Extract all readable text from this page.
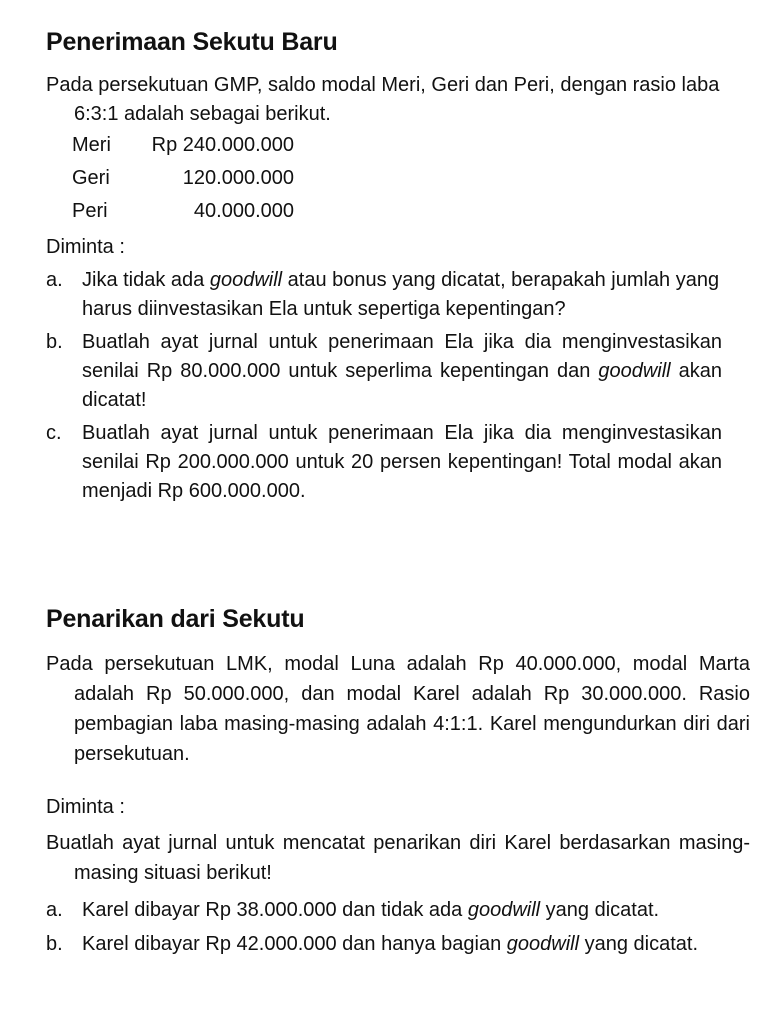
Penerimaan Sekutu Baru

Pada persekutuan GMP, saldo modal Meri, Geri dan Peri, dengan rasio laba 6:3:1 adalah sebagai berikut.

Meri	Rp 240.000.000
Geri	120.000.000
Peri	40.000.000

Diminta :

a. Jika tidak ada goodwill atau bonus yang dicatat, berapakah jumlah yang harus diinvestasikan Ela untuk sepertiga kepentingan?
b. Buatlah ayat jurnal untuk penerimaan Ela jika dia menginvestasikan senilai Rp 80.000.000 untuk seperlima kepentingan dan goodwill akan dicatat!
c.	Buatlah ayat jurnal untuk penerimaan Ela jika dia menginvestasikan senilai Rp 200.000.000 untuk 20 persen kepentingan! Total modal akan menjadi Rp 600.000.000.
Penarikan dari Sekutu

Pada persekutuan LMK, modal Luna adalah Rp 40.000.000, modal Marta adalah Rp 50.000.000, dan modal Karel adalah Rp 30.000.000. Rasio pembagian laba masing-masing adalah 4:1:1. Karel mengundurkan diri dari persekutuan.

Diminta :

Buatlah ayat jurnal untuk mencatat penarikan diri Karel berdasarkan masing-masing situasi berikut!

a. Karel dibayar Rp 38.000.000 dan tidak ada goodwill yang dicatat.
b. Karel dibayar Rp 42.000.000 dan hanya bagian goodwill yang dicatat.
